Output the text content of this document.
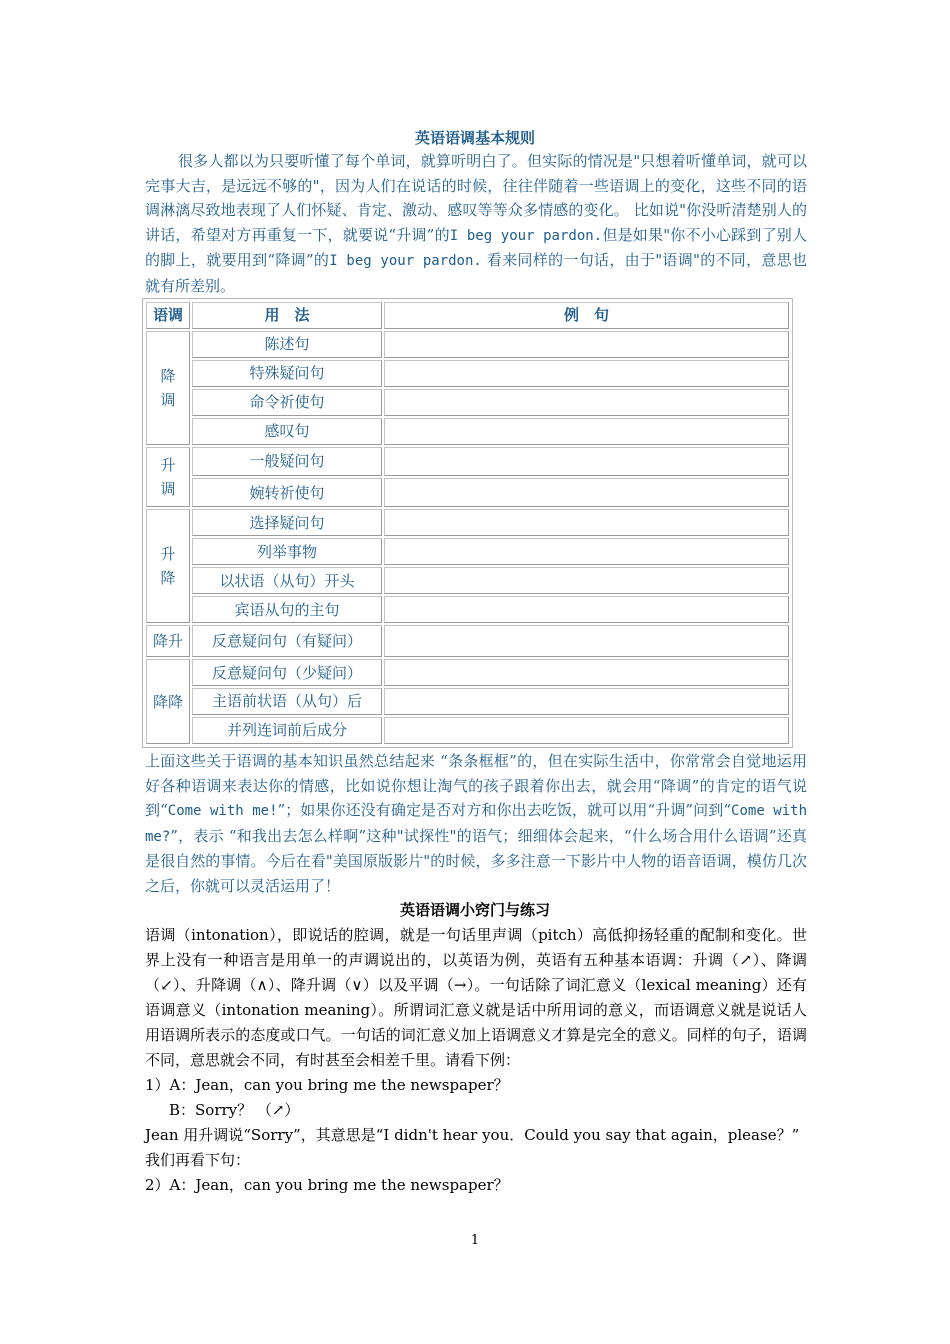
英语语调基本规则

很多人都以为只要听懂了每个单词，就算听明白了。但实际的情况是"只想着听懂单词，就可以完事大吉，是远远不够的"，因为人们在说话的时候，往往伴随着一些语调上的变化，这些不同的语调淋漓尽致地表现了人们怀疑、肯定、激动、感叹等等众多情感的变化。 比如说"你没听清楚别人的讲话，希望对方再重复一下，就要说“升调”的I beg your pardon.但是如果"你不小心踩到了别人的脚上，就要用到“降调”的I beg your pardon. 看来同样的一句话，由于"语调"的不同，意思也就有所差别。

语调	用　法	例　句

降
调	陈述句	
	特殊疑问句	
	命令祈使句	
	感叹句	

升
调	一般疑问句	
	婉转祈使句	

升
降	选择疑问句	
	列举事物	
	以状语（从句）开头	
	宾语从句的主句	

降升	反意疑问句（有疑问）	

降降	反意疑问句（少疑问）	
	主语前状语（从句）后	
	并列连词前后成分	

上面这些关于语调的基本知识虽然总结起来 “条条框框”的，但在实际生活中，你常常会自觉地运用好各种语调来表达你的情感，比如说你想让淘气的孩子跟着你出去，就会用“降调”的肯定的语气说到“Come with me!”；如果你还没有确定是否对方和你出去吃饭，就可以用“升调”问到“Come with me?”，表示 “和我出去怎么样啊”这种"试探性"的语气；细细体会起来，“什么场合用什么语调”还真是很自然的事情。今后在看"美国原版影片"的时候，多多注意一下影片中人物的语音语调，模仿几次之后，你就可以灵活运用了！

英语语调小窍门与练习

语调（intonation），即说话的腔调，就是一句话里声调（pitch）高低抑扬轻重的配制和变化。世界上没有一种语言是用单一的声调说出的，以英语为例，英语有五种基本语调：升调（↗）、降调（↙）、升降调（∧）、降升调（∨）以及平调（→）。一句话除了词汇意义（lexical meaning）还有语调意义（intonation meaning）。所谓词汇意义就是话中所用词的意义，而语调意义就是说话人用语调所表示的态度或口气。一句话的词汇意义加上语调意义才算是完全的意义。同样的句子，语调不同，意思就会不同，有时甚至会相差千里。请看下例：

1）A：Jean，can you bring me the newspaper？
B：Sorry？ （↗）
Jean 用升调说“Sorry”，其意思是“I didn't hear you．Could you say that again，please？”
我们再看下句：
2）A：Jean，can you bring me the newspaper？
1
